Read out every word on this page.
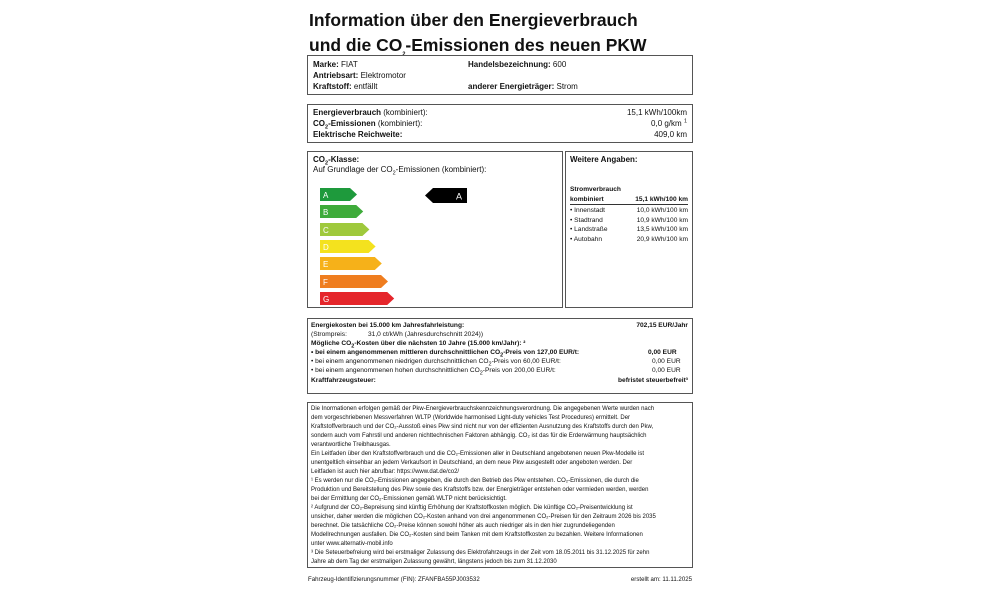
Information über den Energieverbrauch
und die $CO_2$-Emissionen des neuen PKW
Marke: FIAT	Handelsbezeichnung: 600
Antriebsart: Elektromotor
Kraftstoff: entfällt	anderer Energieträger: Strom
Energieverbrauch (kombiniert):	15,1 kWh/100km
$CO_2$-Emissionen (kombiniert):	0,0 g/km $^1$
Elektrische Reichweite:	409,0 km
$CO_2$-Klasse:
Auf Grundlage der $CO_2$-Emissionen (kombiniert):
A
B
C
D
E
F
G
A
Weitere Angaben:
Stromverbrauch
kombiniert	15,1 kWh/100 km
• Innenstadt	10,0 kWh/100 km
• Stadtrand	10,9 kWh/100 km
• Landstraße	13,5 kWh/100 km
• Autobahn	20,9 kWh/100 km
Energiekosten bei 15.000 km Jahresfahrleistung:	702,15 EUR/Jahr
(Strompreis:	31,0 ct/kWh (Jahresdurchschnitt 2024))
Mögliche $CO_2$-Kosten über die nächsten 10 Jahre (15.000 km/Jahr): ²
• bei einem angenommenen mittleren durchschnittlichen $CO_2$-Preis von 127,00 EUR/t:	0,00 EUR
• bei einem angenommenen niedrigen durchschnittlichen $CO_2$-Preis von 60,00 EUR/t:	0,00 EUR
• bei einem angenommenen hohen durchschnittlichen $CO_2$-Preis von 200,00 EUR/t:	0,00 EUR
Kraftfahrzeugsteuer:	befristet steuerbefreit³
Die Inormationen erfolgen gemäß der Pkw-Energieverbrauchskennzeichnungsverordnung. Die angegebenen Werte wurden nach
dem vorgeschriebenen Messverfahren WLTP (Worldwide harmonised Light-duty vehicles Test Procedures) ermittelt. Der
Kraftstoffverbrauch und der CO₂-Ausstoß eines Pkw sind nicht nur von der effizienten Ausnutzung des Kraftstoffs durch den Pkw,
sondern auch vom Fahrstil und anderen nichttechnischen Faktoren abhängig. CO₂ ist das für die Erderwärmung hauptsächlich
verantwortliche Treibhausgas.
Ein Leitfaden über den Kraftstoffverbrauch und die CO₂-Emissionen aller in Deutschland angebotenen neuen Pkw-Modelle ist
unentgeltlich einsehbar an jedem Verkaufsort in Deutschland, an dem neue Pkw ausgestellt oder angeboten werden. Der
Leitfaden ist auch hier abrufbar: https://www.dat.de/co2/
¹ Es werden nur die CO₂-Emissionen angegeben, die durch den Betrieb des Pkw entstehen. CO₂-Emissionen, die durch die
Produktion und Bereitstellung des Pkw sowie des Kraftstoffs bzw. der Energieträger entstehen oder vermieden werden, werden
bei der Ermittlung der CO₂-Emissionen gemäß WLTP nicht berücksichtigt.
² Aufgrund der CO₂-Bepreisung sind künftig Erhöhung der Kraftstoffkosten möglich. Die künftige CO₂-Preisentwicklung ist
unsicher, daher werden die möglichen CO₂-Kosten anhand von drei angenommenen CO₂-Preisen für den Zeitraum 2026 bis 2035
berechnet. Die tatsächliche CO₂-Preise können sowohl höher als auch niedriger als in den hier zugrundeliegenden
Modellrechnungen ausfallen. Die CO₂-Kosten sind beim Tanken mit dem Kraftstoffkosten zu bezahlen. Weitere Informationen
unter www.alternativ-mobil.info
³ Die Seteuerbefreiung wird bei erstmaliger Zulassung des Elektrofahrzeugs in der Zeit vom 18.05.2011 bis 31.12.2025 für zehn
Jahre ab dem Tag der erstmaligen Zulassung gewährt, längstens jedoch bis zum 31.12.2030
Fahrzeug-Identifizierungsnummer (FIN): ZFANFBA55PJ003532	erstellt am: 11.11.2025
